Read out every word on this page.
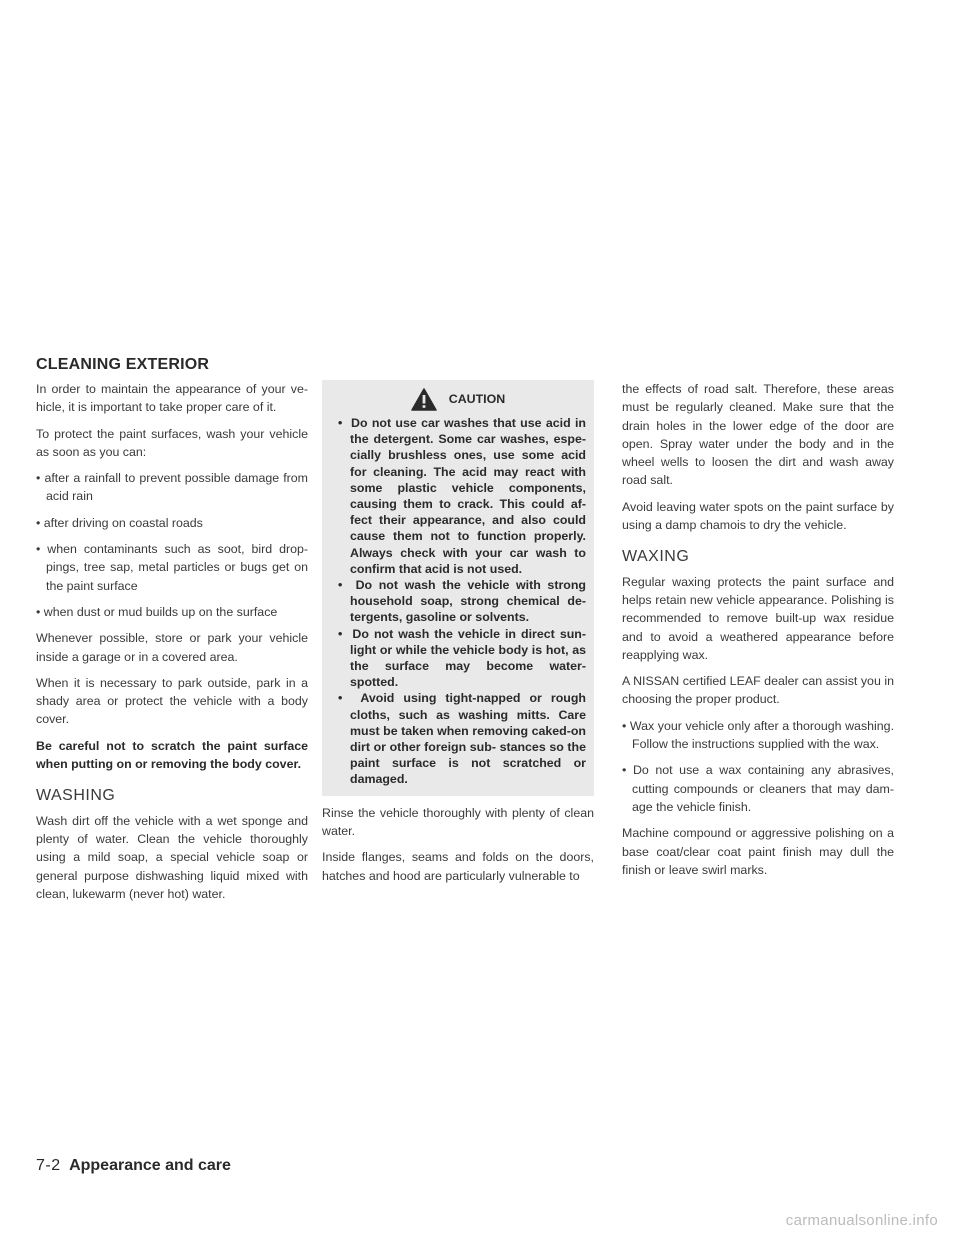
CLEANING EXTERIOR

In order to maintain the appearance of your ve- hicle, it is important to take proper care of it.

To protect the paint surfaces, wash your vehicle as soon as you can:

• after a rainfall to prevent possible damage from acid rain
• after driving on coastal roads
• when contaminants such as soot, bird drop- pings, tree sap, metal particles or bugs get on the paint surface
• when dust or mud builds up on the surface

Whenever possible, store or park your vehicle inside a garage or in a covered area.

When it is necessary to park outside, park in a shady area or protect the vehicle with a body cover.

Be careful not to scratch the paint surface when putting on or removing the body cover.

WASHING

Wash dirt off the vehicle with a wet sponge and plenty of water. Clean the vehicle thoroughly using a mild soap, a special vehicle soap or general purpose dishwashing liquid mixed with clean, lukewarm (never hot) water.

CAUTION
•  Do not use car washes that use acid in the detergent. Some car washes, espe- cially brushless ones, use some acid for cleaning. The acid may react with some plastic vehicle components, causing them to crack. This could af- fect their appearance, and also could cause them not to function properly. Always check with your car wash to confirm that acid is not used.
•  Do not wash the vehicle with strong household soap, strong chemical de- tergents, gasoline or solvents.
•  Do not wash the vehicle in direct sun- light or while the vehicle body is hot, as the surface may become water- spotted.
•  Avoid using tight-napped or rough cloths, such as washing mitts. Care must be taken when removing caked-on dirt or other foreign sub- stances so the paint surface is not scratched or damaged.

Rinse the vehicle thoroughly with plenty of clean water.

Inside flanges, seams and folds on the doors, hatches and hood are particularly vulnerable to

the effects of road salt. Therefore, these areas must be regularly cleaned. Make sure that the drain holes in the lower edge of the door are open. Spray water under the body and in the wheel wells to loosen the dirt and wash away road salt.

Avoid leaving water spots on the paint surface by using a damp chamois to dry the vehicle.

WAXING

Regular waxing protects the paint surface and helps retain new vehicle appearance. Polishing is recommended to remove built-up wax residue and to avoid a weathered appearance before reapplying wax.

A NISSAN certified LEAF dealer can assist you in choosing the proper product.

• Wax your vehicle only after a thorough washing. Follow the instructions supplied with the wax.
• Do not use a wax containing any abrasives, cutting compounds or cleaners that may dam- age the vehicle finish.

Machine compound or aggressive polishing on a base coat/clear coat paint finish may dull the finish or leave swirl marks.

7-2 Appearance and care
carmanualsonline.info
